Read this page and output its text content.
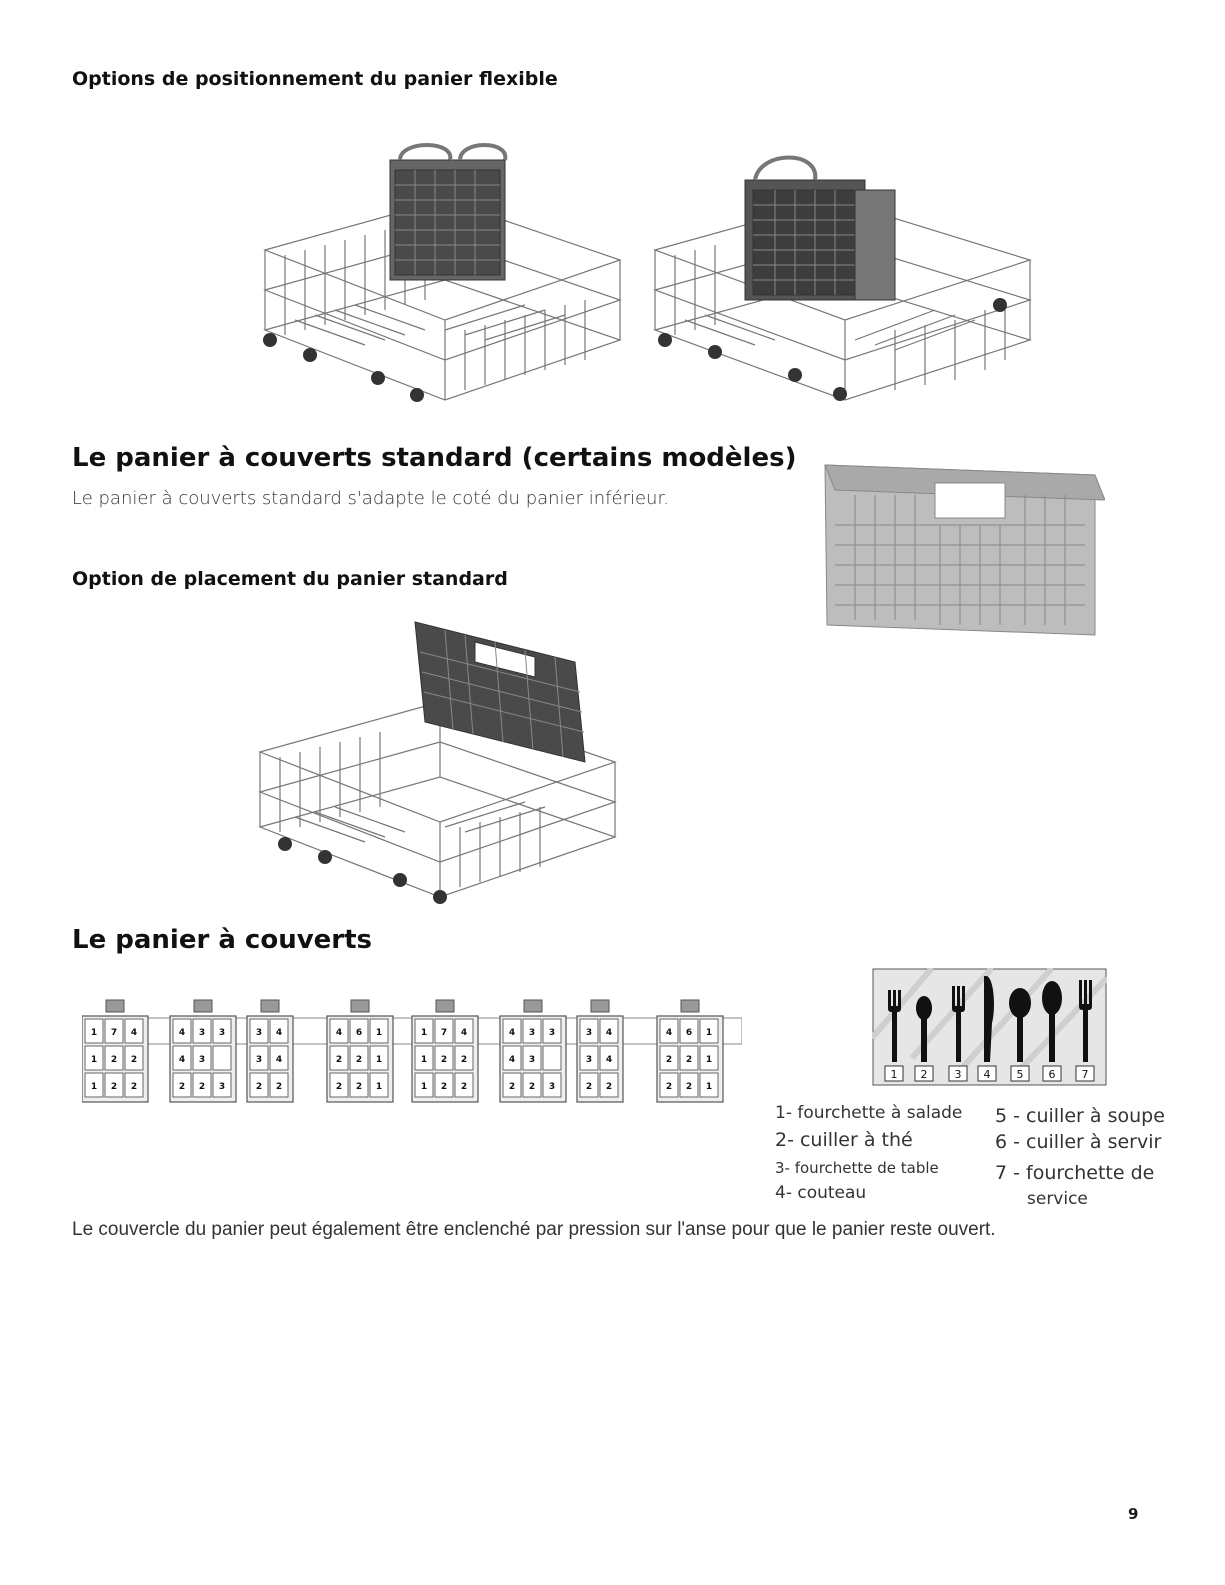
Options de positionnement du panier flexible
Le panier à couverts standard (certains modèles)
Le panier à couverts standard s'adapte le coté du panier inférieur.
Option de placement du panier standard
Le panier à couverts
1 7 4
1 2 2
1 2 2
4 3 3
4 3
2 2 3
3 4
3 4
2 2
4 6 1
2 2 1
2 2 1
1 7 4
1 2 2
1 2 2
4 3 3
4 3
2 2 3
3 4
3 4
2 2
4 6 1
2 2 1
2 2 1
1 2 3 4 5 6 7
1- fourchette à salade
2- cuiller à thé
3- fourchette de table
4- couteau
5 - cuiller à soupe
6 - cuiller à servir
7 - fourchette de
service
Le couvercle du panier peut également être enclenché par pression sur l'anse pour que le panier reste ouvert.
9
